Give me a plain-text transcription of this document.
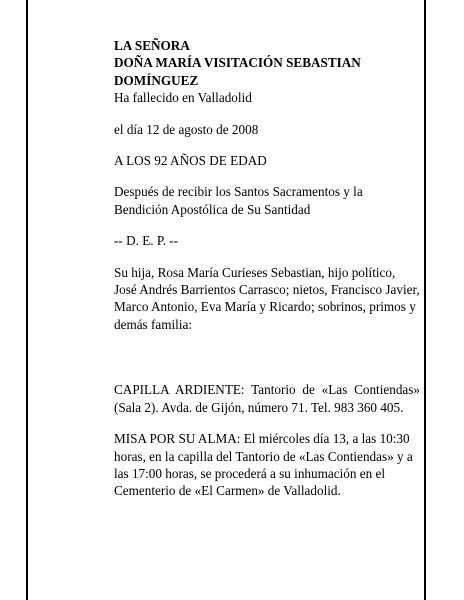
LA SEÑORA
DOÑA MARÍA VISITACIÓN SEBASTIAN DOMÍNGUEZ
Ha fallecido en Valladolid
el día 12 de agosto de 2008
A LOS 92 AÑOS DE EDAD
Después de recibir los Santos Sacramentos y la Bendición Apostólica de Su Santidad
-- D. E. P. --
Su hija, Rosa María Curieses Sebastian, hijo político, José Andrés Barrientos Carrasco; nietos, Francisco Javier, Marco Antonio, Eva María y Ricardo; sobrinos, primos y demás familia:
CAPILLA ARDIENTE: Tantorio de «Las Contiendas» (Sala 2). Avda. de Gijón, número 71. Tel. 983 360 405.
MISA POR SU ALMA: El miércoles día 13, a las 10:30 horas, en la capilla del Tantorio de «Las Contiendas» y a las 17:00 horas, se procederá a su inhumación en el Cementerio de «El Carmen» de Valladolid.
